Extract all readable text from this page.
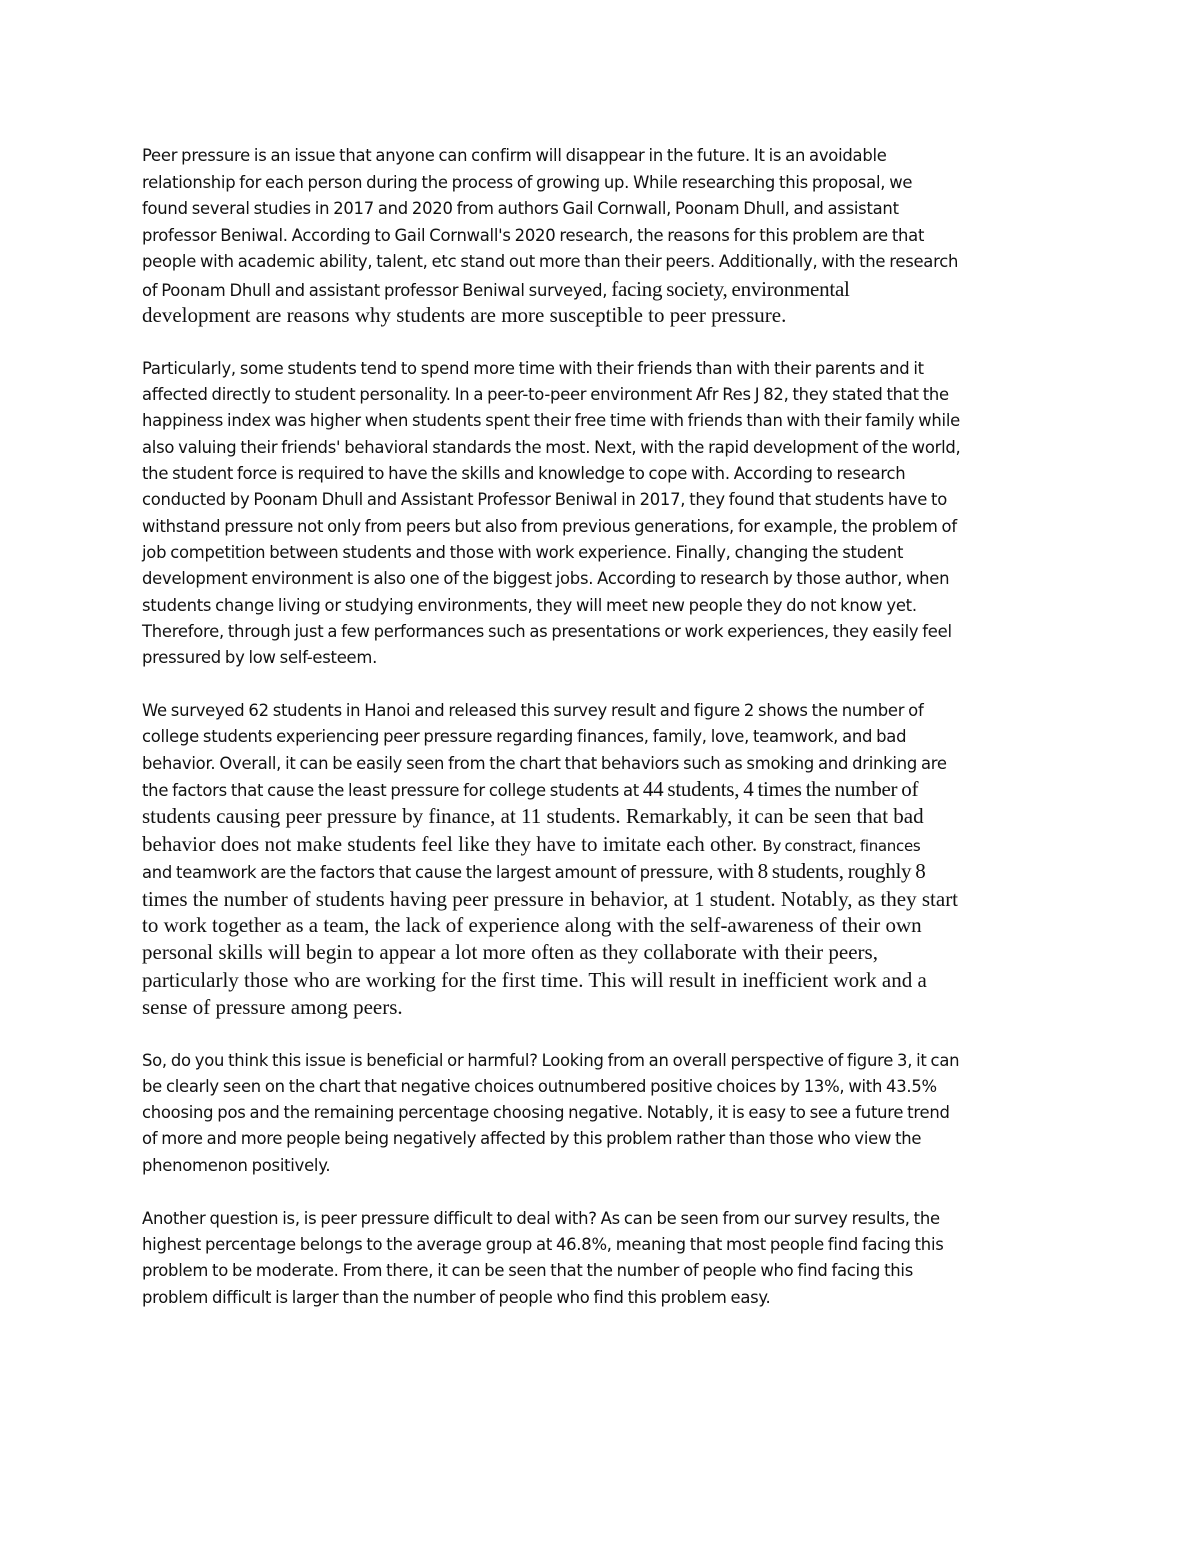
Peer pressure is an issue that anyone can confirm will disappear in the future. It is an avoidable

relationship for each person during the process of growing up. While researching this proposal, we

found several studies in 2017 and 2020 from authors Gail Cornwall, Poonam Dhull, and assistant

professor Beniwal. According to Gail Cornwall's 2020 research, the reasons for this problem are that

people with academic ability, talent, etc stand out more than their peers. Additionally, with the research

of Poonam Dhull and assistant professor Beniwal surveyed, facing society, environmental

development are reasons why students are more susceptible to peer pressure.

Particularly, some students tend to spend more time with their friends than with their parents and it

affected directly to student personality. In a peer-to-peer environment Afr Res J 82, they stated that the

happiness index was higher when students spent their free time with friends than with their family while

also valuing their friends' behavioral standards the most. Next, with the rapid development of the world,

the student force is required to have the skills and knowledge to cope with. According to research

conducted by Poonam Dhull and Assistant Professor Beniwal in 2017, they found that students have to

withstand pressure not only from peers but also from previous generations, for example, the problem of

job competition between students and those with work experience. Finally, changing the student

development environment is also one of the biggest jobs. According to research by those author, when

students change living or studying environments, they will meet new people they do not know yet.

Therefore, through just a few performances such as presentations or work experiences, they easily feel

pressured by low self-esteem.

We surveyed 62 students in Hanoi and released this survey result and figure 2 shows the number of

college students experiencing peer pressure regarding finances, family, love, teamwork, and bad

behavior. Overall, it can be easily seen from the chart that behaviors such as smoking and drinking are

the factors that cause the least pressure for college students at 44 students, 4 times the number of

students causing peer pressure by finance, at 11 students. Remarkably, it can be seen that bad

behavior does not make students feel like they have to imitate each other. By constract, finances

and teamwork are the factors that cause the largest amount of pressure, with 8 students, roughly 8

times the number of students having peer pressure in behavior, at 1 student. Notably, as they start

to work together as a team, the lack of experience along with the self-awareness of their own

personal skills will begin to appear a lot more often as they collaborate with their peers,

particularly those who are working for the first time. This will result in inefficient work and a

sense of pressure among peers.

So, do you think this issue is beneficial or harmful? Looking from an overall perspective of figure 3, it can

be clearly seen on the chart that negative choices outnumbered positive choices by 13%, with 43.5%

choosing pos and the remaining percentage choosing negative. Notably, it is easy to see a future trend

of more and more people being negatively affected by this problem rather than those who view the

phenomenon positively.

Another question is, is peer pressure difficult to deal with? As can be seen from our survey results, the

highest percentage belongs to the average group at 46.8%, meaning that most people find facing this

problem to be moderate. From there, it can be seen that the number of people who find facing this

problem difficult is larger than the number of people who find this problem easy.
